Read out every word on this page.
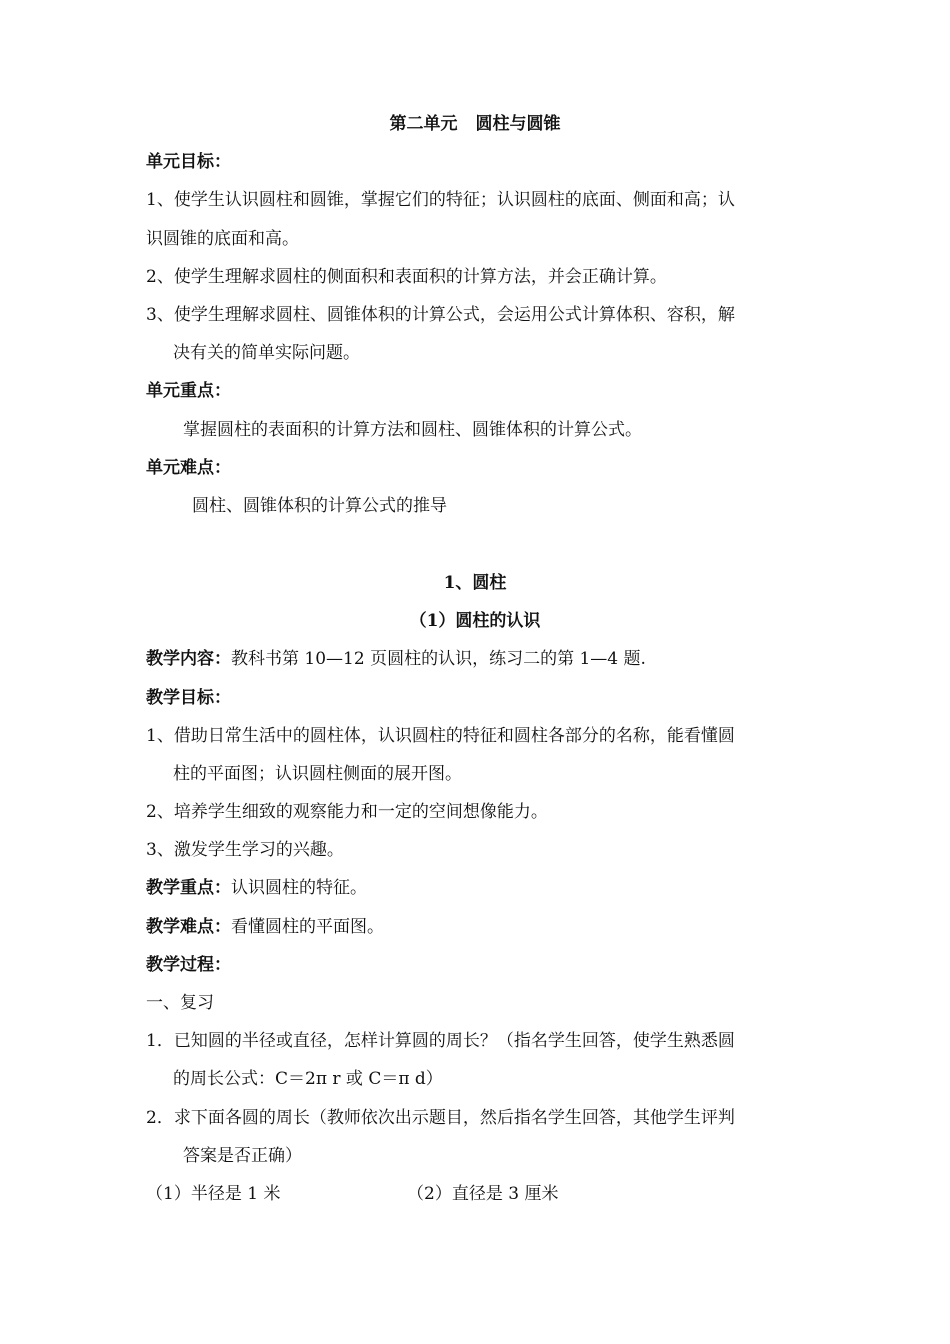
第二单元 圆柱与圆锥
单元目标：
1、使学生认识圆柱和圆锥，掌握它们的特征；认识圆柱的底面、侧面和高；认
识圆锥的底面和高。
2、使学生理解求圆柱的侧面积和表面积的计算方法，并会正确计算。
3、使学生理解求圆柱、圆锥体积的计算公式，会运用公式计算体积、容积，解
决有关的简单实际问题。
单元重点：
掌握圆柱的表面积的计算方法和圆柱、圆锥体积的计算公式。
单元难点：
圆柱、圆锥体积的计算公式的推导
1、圆柱
（1）圆柱的认识
教学内容：教科书第 10—12 页圆柱的认识，练习二的第 1—4 题.
教学目标：
1、借助日常生活中的圆柱体，认识圆柱的特征和圆柱各部分的名称，能看懂圆
柱的平面图；认识圆柱侧面的展开图。
2、培养学生细致的观察能力和一定的空间想像能力。
3、激发学生学习的兴趣。
教学重点：认识圆柱的特征。
教学难点：看懂圆柱的平面图。
教学过程：
一、复习
1．已知圆的半径或直径，怎样计算圆的周长？（指名学生回答，使学生熟悉圆
的周长公式：C＝2π r 或 C＝π d）
2．求下面各圆的周长（教师依次出示题目，然后指名学生回答，其他学生评判
答案是否正确）
（1）半径是 1 米	（2）直径是 3 厘米
